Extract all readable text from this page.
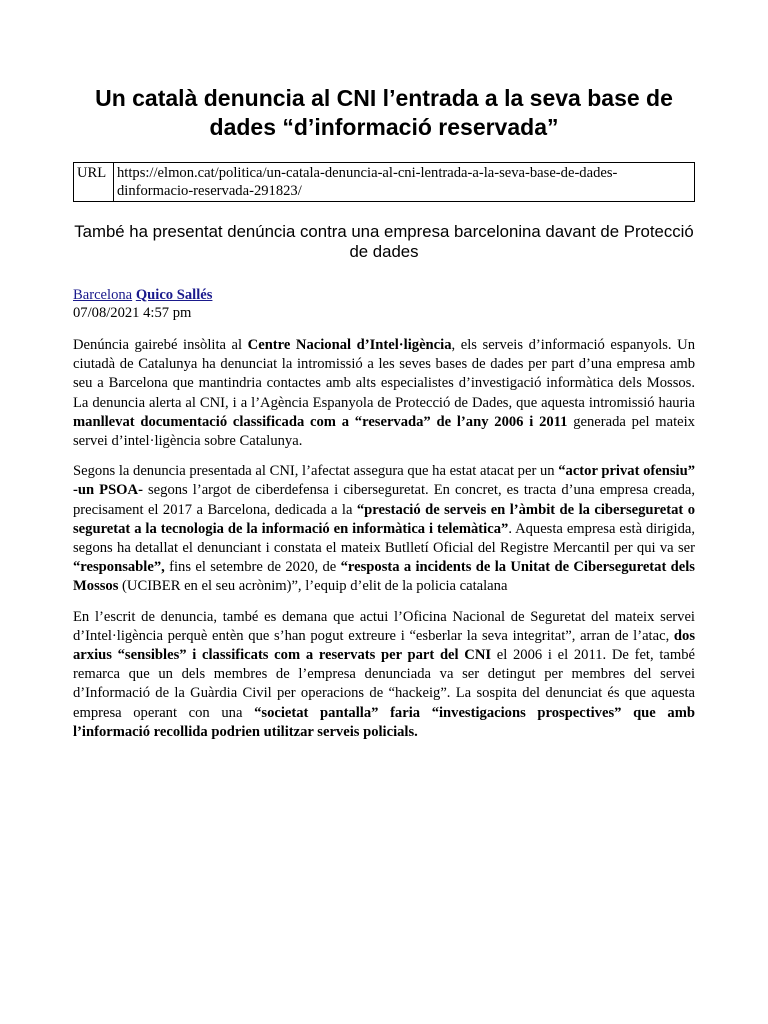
Un català denuncia al CNI l’entrada a la seva base de dades “d’informació reservada”
URL	https://elmon.cat/politica/un-catala-denuncia-al-cni-lentrada-a-la-seva-base-de-dades-dinformacio-reservada-291823/
També ha presentat denúncia contra una empresa barcelonina davant de Protecció de dades
Barcelona Quico Sallés
07/08/2021 4:57 pm

Denúncia gairebé insòlita al Centre Nacional d’Intel·ligència, els serveis d’informació espanyols. Un ciutadà de Catalunya ha denunciat la intromissió a les seves bases de dades per part d’una empresa amb seu a Barcelona que mantindria contactes amb alts especialistes d’investigació informàtica dels Mossos. La denuncia alerta al CNI, i a l’Agència Espanyola de Protecció de Dades, que aquesta intromissió hauria manllevat documentació classificada com a “reservada” de l’any 2006 i 2011 generada pel mateix servei d’intel·ligència sobre Catalunya.

Segons la denuncia presentada al CNI, l’afectat assegura que ha estat atacat per un “actor privat ofensiu” -un PSOA- segons l’argot de ciberdefensa i ciberseguretat. En concret, es tracta d’una empresa creada, precisament el 2017 a Barcelona, dedicada a la “prestació de serveis en l’àmbit de la ciberseguretat o seguretat a la tecnologia de la informació en informàtica i telemàtica”. Aquesta empresa està dirigida, segons ha detallat el denunciant i constata el mateix Butlletí Oficial del Registre Mercantil per qui va ser “responsable”, fins el setembre de 2020, de “resposta a incidents de la Unitat de Ciberseguretat dels Mossos (UCIBER en el seu acrònim)”, l’equip d’elit de la policia catalana

En l’escrit de denuncia, també es demana que actui l’Oficina Nacional de Seguretat del mateix servei d’Intel·ligència perquè entèn que s’han pogut extreure i “esberlar la seva integritat”, arran de l’atac, dos arxius “sensibles” i classificats com a reservats per part del CNI el 2006 i el 2011. De fet, també remarca que un dels membres de l’empresa denunciada va ser detingut per membres del servei d’Informació de la Guàrdia Civil per operacions de “hackeig”. La sospita del denunciat és que aquesta empresa operant con una “societat pantalla” faria “investigacions prospectives” que amb l’informació recollida podrien utilitzar serveis policials.
